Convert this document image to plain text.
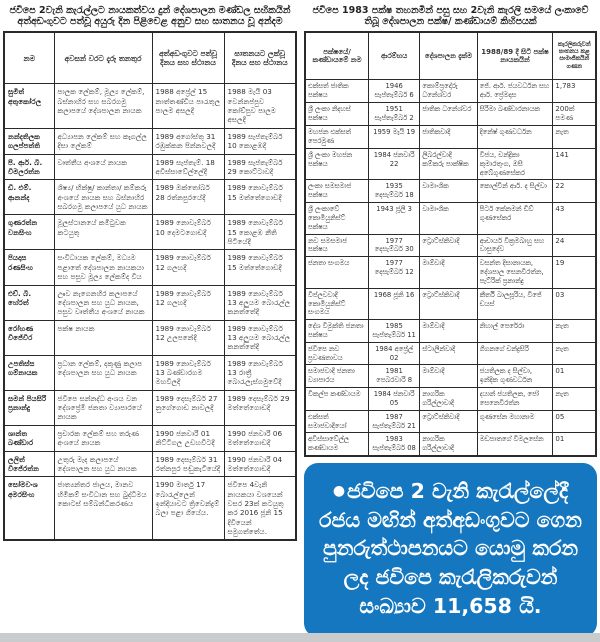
ජවිපෙ 2වැනි කැරැල්ලට නායකත්වය දුන් දේශපාලන මණ්ඩල සභිකයින් අත්අඩංගුවට පත්වූ අයුරු දින පිළිවෙළ අනුව සහ ඝාතනය වූ අන්දම
නම	අවසන් වරට දැරූ තනතුර	අත්අඩංගුවට පත්වූ දිනය සහ ස්ථානය	ඝාතනයට ලක්වූ දිනය සහ ස්ථානය
සුමිත් අතුකෝරල	පාලක ලේකම්, මූල්‍ය ලේකම්, බස්නාහිර සහ සබරගමු කලාපයේ දේශපාලන නායක	1988 අප්‍රේල් 15 නාත්තණ්ඩිය පාරැතුල පාලම අසලදී	1988 මැයි 03 වෙන්නප්පුව කෝච්පුව පාලම අසලදී
නන්දතිලක ගලප්පත්ති	අධ්‍යාපන ලේකම් සහ කෑගල්ල දිසා ලේකම්	1989 අගෝස්තු 31 රඹුක්කන පින්නවලදී	1989 සැප්තැම්බර් 10 කොළඹදී
පී. ආර්. බී. විමලරත්න	වෘත්තීය අංශයේ නායක	1989 සැප්තැම්. 18 අවිස්සාවේල්ලේදී	1989 සැප්තැම්බර් 29 කොට්ටාවදී
ඩී. එම්. ආනන්ද	ශිෂ්‍ය/ භික්ෂු/ කාන්තා/ කම්කරු අංශයේ නායක සහ බස්නාහිර සබරගමු කලාපයේ යුධ නායක	1989 ඔක්තෝබර් 28 රත්නපුරයේදී	1989 නොවැම්බර් 15 මත්තේගොඩදී
ගුණරත්න වනසිංහ	මූලස්ථානයේ කමිටුවක කටයුතු	1989 නොවැම්බර් 10 දෙමටගොඩදී	1989 නොවැම්බර් 15 කොළඹ නීති පිටියේදී
පියදාස රණසිංහ	සංවිධායක ලේකම්, මධ්‍යම පළාතේ දේශපාලන නායකයා සහ පසුව මූල්‍ය ලේකම්ද විය	1989 නොවැම්බර් 12 ගලහදී	1989 නොවැම්බර් 15 මත්තේගොඩදී
එච්. බී. හේරත්	ඌව නැගෙනහිර කලාපයේ දේශපාලන සහ යුධ නායක, පසුව වෘත්තීය අංශයේ නායක	1989 නොවැම්බර් 12 ගලහදී	1989 නොවැම්බර් 13 අලුයම බොරැල්ල කනත්තේදී
රෝහණ විජේවීර	පක්ෂ නායක	1989 නොවැම්බර් 12 උලපනේදී	1989 නොවැම්බර් 13 අලුයම බොරැල්ල කනත්තේදී
උපතිස්ස ගම්නායක	ප්‍රධාන ලේකම්, දකුණු කලාප දේශපාලන සහ යුධ නායක	1989 නොවැම්බර් 13 බණ්ඩාරගම මහවිලදී	1989 නොවැම්බර් 13 රාත්‍රී බොරැලැස්ගමුවේදී
සමන් පියසිරි ප්‍රනාන්දු	ජවිපෙ සන්නද්ධ අංශය වන දේශප්‍රේමී ජනතා ව්‍යාපාරයේ නායක	1989 දෙසැම්බර් 27 නුගේගොඩ නාවලදී	1989 දෙසැම්බර් 29 මත්තේගොඩදී
ශාන්ත බණ්ඩාර	ප්‍රචාරක ලේකම් සහ තරුණ අංශයේ නායක	1990 ජනවාරි 01 නිට්ටිගල උඩහවිටදී	1990 ජනවාරි 06 මත්තේගොඩදී
ලලිත් විජේරත්න	උතුරු මැද කලාපයේ දේශපාලන සහ යුධ නායක	1989 දෙසැම්බර් 31 රත්නපුර පඬුකැටියේදී	1990 ජනවාරි 04 මත්තේගොඩදී
සෝමවංශ අමරසිංහ	ජාත්‍යන්තර ජාලය, මානව හිමිකම් සංවිධාන සහ බුද්ධිමය කොටස් සම්බන්ධීකරණය	1990 මාර්තු 17 බොරැල්ලෙන් ඉන්දියාවට ත්‍රිවෙන්ද්‍රම් බලා පළා ගියේය.	ජවිපෙ 4වැනි නායකයා වශයෙන් වසර 23ක් කටයුතු කර 2016 ජූනි 15 දිවියෙන් සමුගත්තේය.
ජවිපෙ 1983 පක්ෂ තහනමින් පසු සහ 2වැනි කැරලි සමයේ ලංකාවේ තිබූ දේශපාලන පක්ෂ/ කණ්ඩායම් කිහිපයක්
පක්ෂයේ/ කණ්ඩායමේ නම	ආරම්භය	දේශපාලන දැක්ම	1988/89 දී සිටි පක්ෂ නායකයින්	කැරලිකරුවන් ඝාතනය කළ සාමාජිකයින් ගණන
එක්සත් ජාතික පක්ෂය	1946 සැප්තැම්බර් 6	කොම්ප්‍රදෝරු ධනේශ්වර	ජේ. ආර්. ජයවර්ධන සහ ආර්. ප්‍රේමදාස	1,783
ශ්‍රී ලංකා නිදහස් පක්ෂය	1951 සැප්තැම්බර් 2	ජාතික ධනේශ්වර	සිරිමා බණ්ඩාරනායක	200ක් පමණ
මහජන එක්සත් පෙරමුණ	1959 මැයි 19	ජාතිකවාදී	දිනේෂ් ගුණවර්ධන	නැත
ශ්‍රී ලංකා මහජන පක්ෂය	1984 ජනවාරි 22	ලිබරල්වාදී කම්කරු පාක්ෂික	විජය, චන්ද්‍රිකා කුමාරතුංග, ඔසී අබේගුණසේකර	141
ලංකා සමසමාජ පක්ෂය	1935 දෙසැම්බර් 18	වාමාංශික	කොල්වින් ආර්. ද සිල්වා	22
ශ්‍රී ලංකාවේ කොමියුනිස්ට් පක්ෂය	1943 ජූලි 3	වාමාංශික	පීටර් කේනමන් ඩිව් ගුණසේකර	43
නව සමසමාජ පක්ෂය	1977 දෙසැම්බර් 30	ට්‍රොට්ස්කිවාදී	ආචාර්ය වික්‍රමබාහු සහ වාසුදේව	24
ජනතා සංගමය	1977 දෙසැම්බර් 12	මාඕවාදී	වසන්ත දිසානායක, දේශපාල සෙනවිරත්න, පැට්රික් ප්‍රනාන්දු	19
විප්ලවවාදී කොමියුනිස්ට් සංගමය	1968 ජූනි 16	ට්‍රොට්ස්කිවාදී	කීර්ති බාලසූරිය, විජේ ඩයස්	03
දේශ විමුක්ති ජනතා පක්ෂය	1985 සැප්තැම්බර් 11	මාඕවාදී	නිහාල් පෙරේරා	නැත
ජවිපෙ නව ප්‍රවණතාවය	1984 අප්‍රේල් 02	ස්ටාලින්වාදී	ගීගනගේ චන්ද්‍රසිරි	නැත
සමාජවාදී ජනතා ව්‍යාපාරය	1981 පෙබරවාරි 8	මාඕවාදී	ජයතිලක ද සිල්වා, ඉන්දික ගුණවර්ධන	01
විකල්ප කණ්ඩායම	1984 ජනවාරි 05	නාගරික ගරිල්ලාවාදී	දයාන් ජයතිලක, ජෝ සෙනෙවිරත්න	නැත
එක්සත් සමාජවාදීයෝ	1987 සැප්තැම්බර් 21	ට්‍රොට්ස්කිවාදී	ගුණසේන මහානාම	05
අවිස්සාවේල්ල කණ්ඩායම	1983 සැප්තැම්බර් 08	නාගරික ගරිල්ලාවාදී	මඩපාතගේ විමලසේන	01
●ජවිපෙ 2 වැනි කැරැල්ලේදී රජය මඟින් අත්අඩංගුවට ගෙන පුනරුත්ථාපනයට යොමු කරන ලද ජවිපෙ කැරැලිකරුවන් සංඛ්‍යාව 11,658 යි.
